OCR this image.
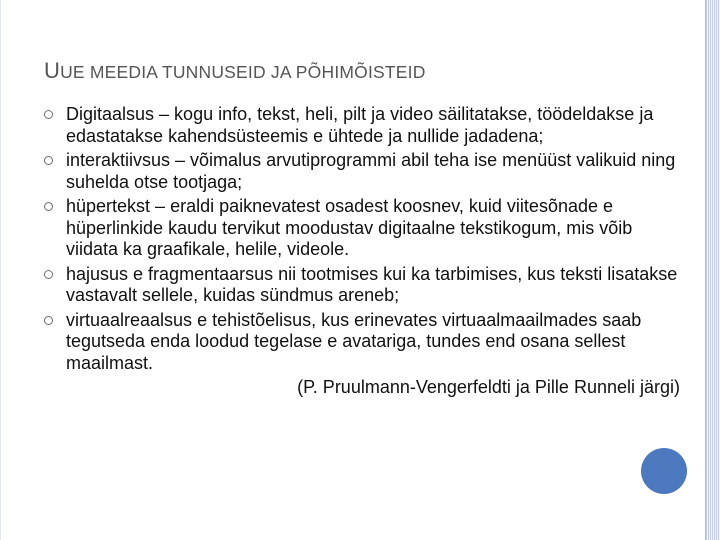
UUE MEEDIA TUNNUSEID JA PÕHIMÕISTEID
Digitaalsus – kogu info, tekst, heli, pilt ja video säilitatakse, töödeldakse ja edastatakse kahendsüsteemis e ühtede ja nullide jadadena;
interaktiivsus – võimalus arvutiprogrammi abil teha ise menüüst valikuid ning suhelda otse tootjaga;
hüpertekst – eraldi paiknevatest osadest koosnev, kuid viitesõnade e hüperlinkide kaudu tervikut moodustav digitaalne tekstikogum, mis võib viidata ka graafikale, helile, videole.
hajusus e fragmentaarsus nii tootmises kui ka tarbimises, kus teksti lisatakse vastavalt sellele, kuidas sündmus areneb;
virtuaalreaalsus e tehistõelisus, kus erinevates virtuaalmaailmades saab tegutseda enda loodud tegelase e avatariga, tundes end osana sellest maailmast.
(P. Pruulmann-Vengerfeldti ja Pille Runneli järgi)
